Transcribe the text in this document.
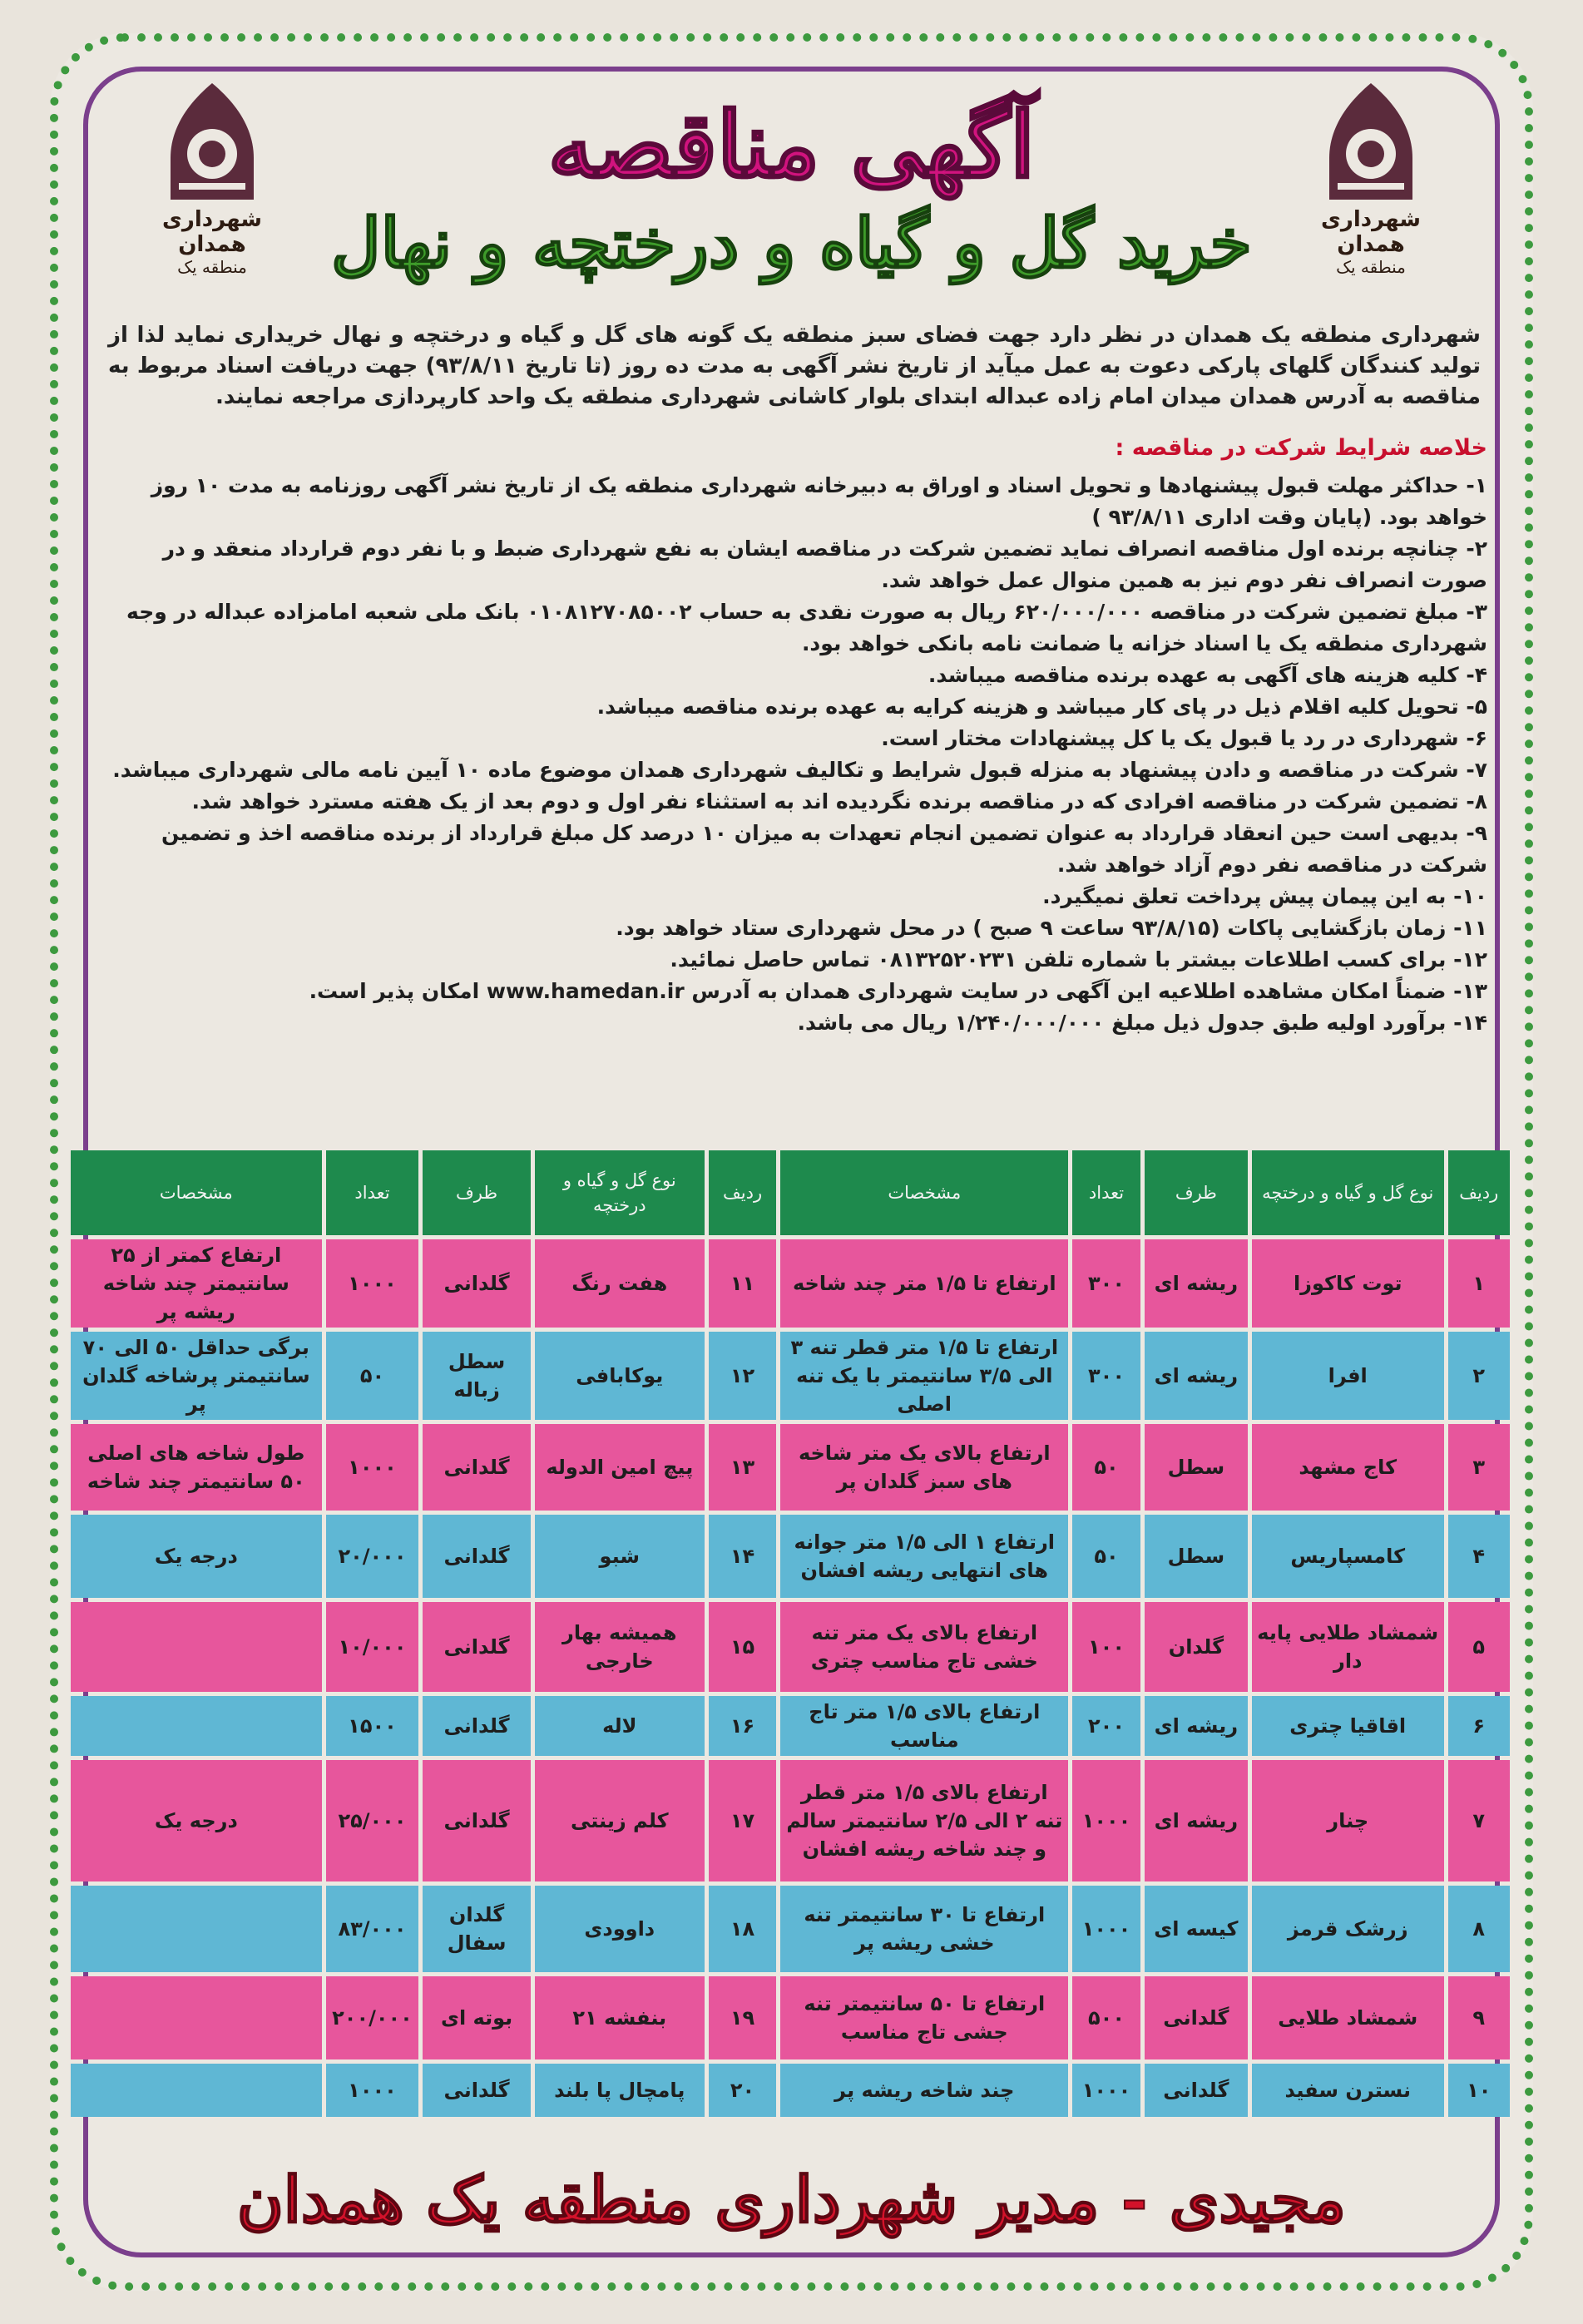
شهرداری همدان
منطقه یک
شهرداری همدان
منطقه یک
آگهی مناقصه
خرید گل و گیاه و درختچه و نهال
شهرداری منطقه یک همدان در نظر دارد جهت فضای سبز منطقه یک گونه های گل و گیاه و درختچه و نهال خریداری نماید لذا از تولید کنندگان گلهای پارکی دعوت به عمل میآید از تاریخ نشر آگهی به مدت ده روز (تا تاریخ ۹۳/۸/۱۱) جهت دریافت اسناد مربوط به مناقصه به آدرس همدان میدان امام زاده عبداله ابتدای بلوار کاشانی شهرداری منطقه یک واحد کارپردازی مراجعه نمایند.
خلاصه شرایط شرکت در مناقصه :
۱- حداکثر مهلت قبول پیشنهادها و تحویل اسناد و اوراق به دبیرخانه شهرداری منطقه یک از تاریخ نشر آگهی روزنامه به مدت ۱۰ روز خواهد بود. (پایان وقت اداری ۹۳/۸/۱۱ )
۲- چنانچه برنده اول مناقصه انصراف نماید تضمین شرکت در مناقصه ایشان به نفع شهرداری ضبط و با نفر دوم قرارداد منعقد و در صورت انصراف نفر دوم نیز به همین منوال عمل خواهد شد.
۳- مبلغ تضمین شرکت در مناقصه ۶۲۰/۰۰۰/۰۰۰ ریال به صورت نقدی به حساب ۰۱۰۸۱۲۷۰۸۵۰۰۲ بانک ملی شعبه امامزاده عبداله در وجه شهرداری منطقه یک یا اسناد خزانه یا ضمانت نامه بانکی خواهد بود.
۴- کلیه هزینه های آگهی به عهده برنده مناقصه میباشد.
۵- تحویل کلیه اقلام ذیل در پای کار میباشد و هزینه کرایه به عهده برنده مناقصه میباشد.
۶- شهرداری در رد یا قبول یک یا کل پیشنهادات مختار است.
۷- شرکت در مناقصه و دادن پیشنهاد به منزله قبول شرایط و تکالیف شهرداری همدان موضوع ماده ۱۰ آیین نامه مالی شهرداری میباشد.
۸- تضمین شرکت در مناقصه افرادی که در مناقصه برنده نگردیده اند به استثناء نفر اول و دوم بعد از یک هفته مسترد خواهد شد.
۹- بدیهی است حین انعقاد قرارداد به عنوان تضمین انجام تعهدات به میزان ۱۰ درصد کل مبلغ قرارداد از برنده مناقصه اخذ و تضمین شرکت در مناقصه نفر دوم آزاد خواهد شد.
۱۰- به این پیمان پیش پرداخت تعلق نمیگیرد.
۱۱- زمان بازگشایی پاکات (۹۳/۸/۱۵ ساعت ۹ صبح ) در محل شهرداری ستاد خواهد بود.
۱۲- برای کسب اطلاعات بیشتر با شماره تلفن ۰۸۱۳۲۵۲۰۲۳۱ تماس حاصل نمائید.
۱۳- ضمناً امکان مشاهده اطلاعیه این آگهی در سایت شهرداری همدان به آدرس www.hamedan.ir امکان پذیر است.
۱۴- برآورد اولیه طبق جدول ذیل مبلغ ۱/۲۴۰/۰۰۰/۰۰۰ ریال می باشد.
ردیف	نوع گل و گیاه و درختچه	ظرف	تعداد	مشخصات	ردیف	نوع گل و گیاه و درختچه	ظرف	تعداد	مشخصات
۱	توت کاکوزا	ریشه ای	۳۰۰	ارتفاع تا ۱/۵ متر چند شاخه	۱۱	هفت رنگ	گلدانی	۱۰۰۰	ارتفاع کمتر از ۲۵ سانتیمتر چند شاخه ریشه پر
۲	افرا	ریشه ای	۳۰۰	ارتفاع تا ۱/۵ متر قطر تنه ۳ الی ۳/۵ سانتیمتر با یک تنه اصلی	۱۲	یوکابافی	سطل زباله	۵۰	برگی حداقل ۵۰ الی ۷۰ سانتیمتر پرشاخه گلدان پر
۳	کاج مشهد	سطل	۵۰	ارتفاع بالای یک متر شاخه های سبز گلدان پر	۱۳	پیچ امین الدوله	گلدانی	۱۰۰۰	طول شاخه های اصلی ۵۰ سانتیمتر چند شاخه
۴	کامسپاریس	سطل	۵۰	ارتفاع ۱ الی ۱/۵ متر جوانه های انتهایی ریشه افشان	۱۴	شبو	گلدانی	۲۰/۰۰۰	درجه یک
۵	شمشاد طلایی پایه دار	گلدان	۱۰۰	ارتفاع بالای یک متر تنه خشی تاج مناسب چتری	۱۵	همیشه بهار خارجی	گلدانی	۱۰/۰۰۰	
۶	اقاقیا چتری	ریشه ای	۲۰۰	ارتفاع بالای ۱/۵ متر تاج مناسب	۱۶	لاله	گلدانی	۱۵۰۰	
۷	چنار	ریشه ای	۱۰۰۰	ارتفاع بالای ۱/۵ متر قطر تنه ۲ الی ۲/۵ سانتیمتر سالم و چند شاخه ریشه افشان	۱۷	کلم زینتی	گلدانی	۲۵/۰۰۰	درجه یک
۸	زرشک قرمز	کیسه ای	۱۰۰۰	ارتفاع تا ۳۰ سانتیمتر تنه خشی ریشه پر	۱۸	داوودی	گلدان سفال	۸۳/۰۰۰	
۹	شمشاد طلایی	گلدانی	۵۰۰	ارتفاع تا ۵۰ سانتیمتر تنه جشی تاج مناسب	۱۹	بنفشه ۲۱	بوته ای	۲۰۰/۰۰۰	
۱۰	نسترن سفید	گلدانی	۱۰۰۰	چند شاخه ریشه پر	۲۰	پامچال پا بلند	گلدانی	۱۰۰۰	
مجیدی - مدیر شهرداری منطقه یک همدان
